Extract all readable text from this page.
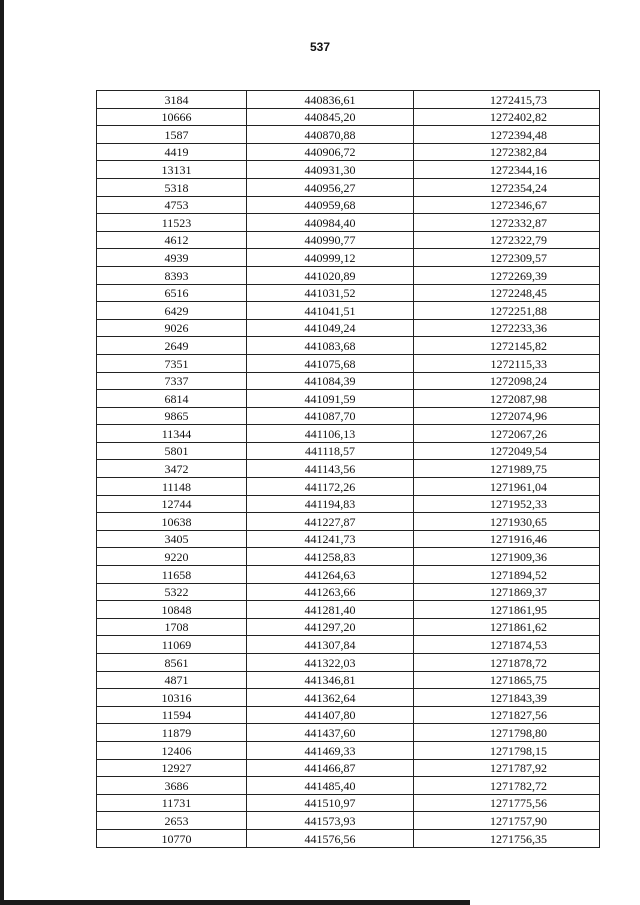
537
3184	440836,61	1272415,73
10666	440845,20	1272402,82
1587	440870,88	1272394,48
4419	440906,72	1272382,84
13131	440931,30	1272344,16
5318	440956,27	1272354,24
4753	440959,68	1272346,67
11523	440984,40	1272332,87
4612	440990,77	1272322,79
4939	440999,12	1272309,57
8393	441020,89	1272269,39
6516	441031,52	1272248,45
6429	441041,51	1272251,88
9026	441049,24	1272233,36
2649	441083,68	1272145,82
7351	441075,68	1272115,33
7337	441084,39	1272098,24
6814	441091,59	1272087,98
9865	441087,70	1272074,96
11344	441106,13	1272067,26
5801	441118,57	1272049,54
3472	441143,56	1271989,75
11148	441172,26	1271961,04
12744	441194,83	1271952,33
10638	441227,87	1271930,65
3405	441241,73	1271916,46
9220	441258,83	1271909,36
11658	441264,63	1271894,52
5322	441263,66	1271869,37
10848	441281,40	1271861,95
1708	441297,20	1271861,62
11069	441307,84	1271874,53
8561	441322,03	1271878,72
4871	441346,81	1271865,75
10316	441362,64	1271843,39
11594	441407,80	1271827,56
11879	441437,60	1271798,80
12406	441469,33	1271798,15
12927	441466,87	1271787,92
3686	441485,40	1271782,72
11731	441510,97	1271775,56
2653	441573,93	1271757,90
10770	441576,56	1271756,35
